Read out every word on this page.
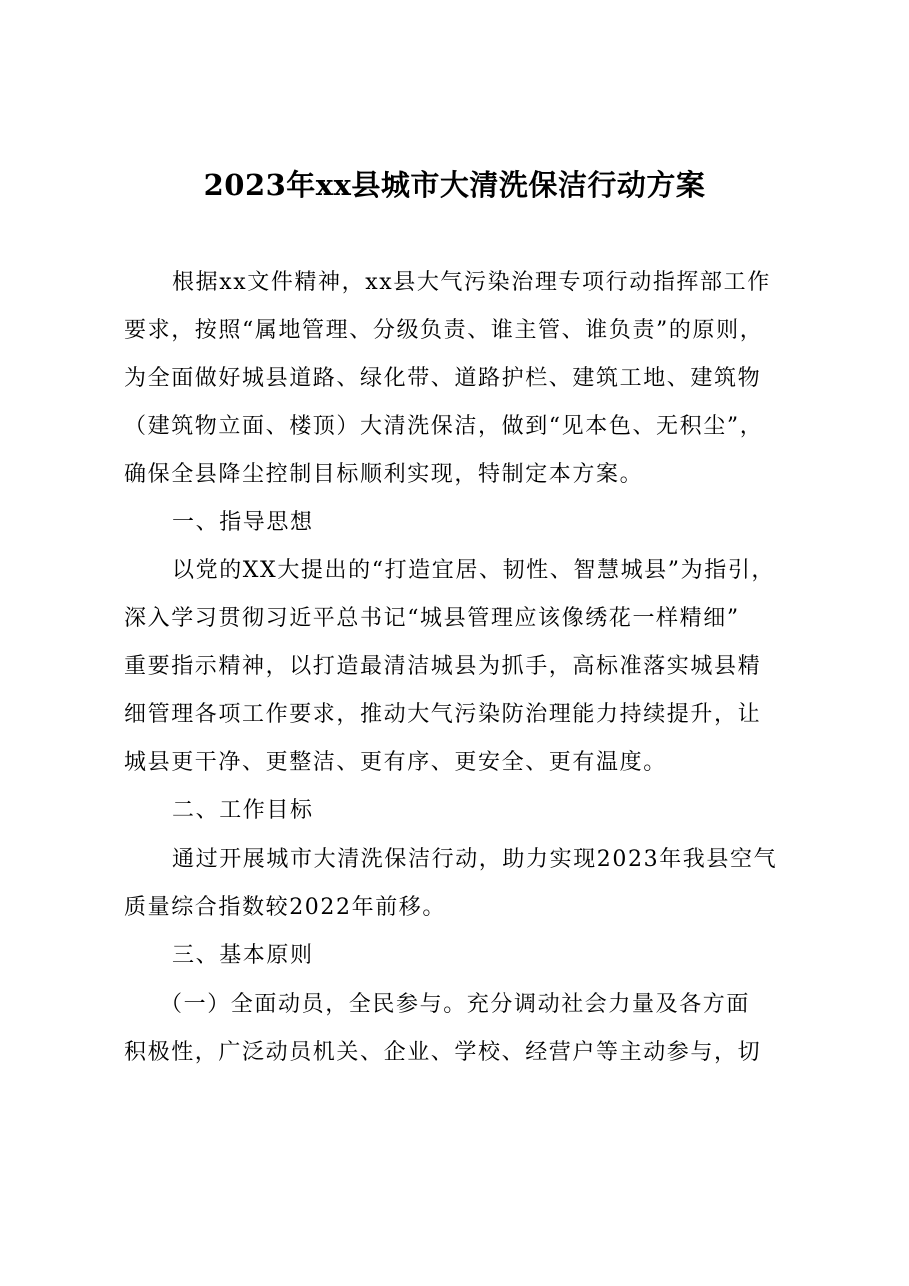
2023年xx县城市大清洗保洁行动方案
根据xx文件精神，xx县大气污染治理专项行动指挥部工作
要求，按照“属地管理、分级负责、谁主管、谁负责”的原则，
为全面做好城县道路、绿化带、道路护栏、建筑工地、建筑物
（建筑物立面、楼顶）大清洗保洁，做到“见本色、无积尘”，
确保全县降尘控制目标顺利实现，特制定本方案。
一、指导思想
以党的XX大提出的“打造宜居、韧性、智慧城县”为指引，
深入学习贯彻习近平总书记“城县管理应该像绣花一样精细”
重要指示精神，以打造最清洁城县为抓手，高标准落实城县精
细管理各项工作要求，推动大气污染防治理能力持续提升，让
城县更干净、更整洁、更有序、更安全、更有温度。
二、工作目标
通过开展城市大清洗保洁行动，助力实现2023年我县空气
质量综合指数较2022年前移。
三、基本原则
（一）全面动员，全民参与。充分调动社会力量及各方面
积极性，广泛动员机关、企业、学校、经营户等主动参与，切
